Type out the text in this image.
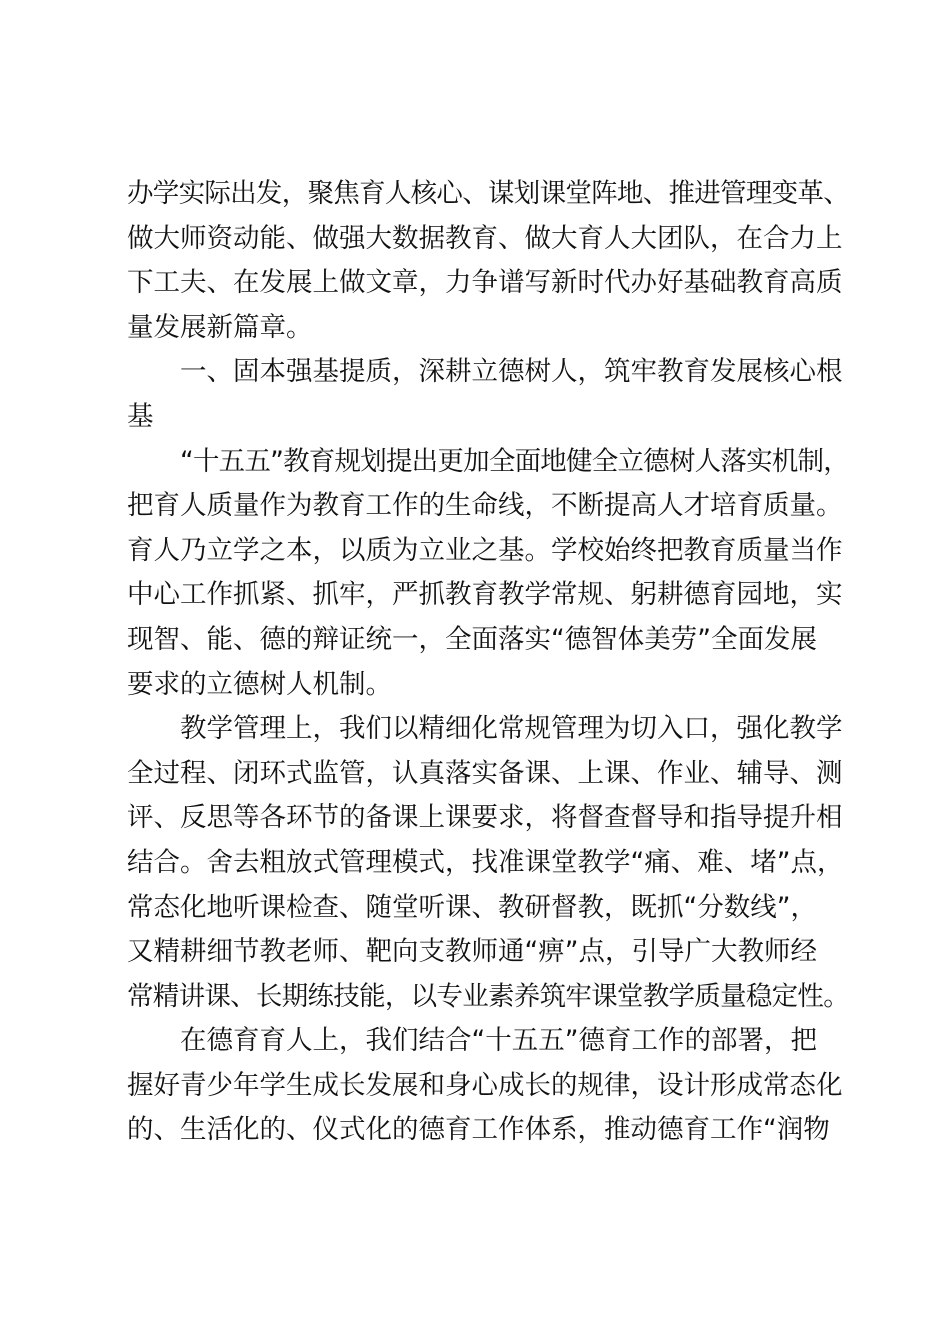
办学实际出发，聚焦育人核心、谋划课堂阵地、推进管理变革、
做大师资动能、做强大数据教育、做大育人大团队，在合力上
下工夫、在发展上做文章，力争谱写新时代办好基础教育高质
量发展新篇章。
一、固本强基提质，深耕立德树人，筑牢教育发展核心根
基
“十五五”教育规划提出更加全面地健全立德树人落实机制，
把育人质量作为教育工作的生命线，不断提高人才培育质量。
育人乃立学之本，以质为立业之基。学校始终把教育质量当作
中心工作抓紧、抓牢，严抓教育教学常规、躬耕德育园地，实
现智、能、德的辩证统一，全面落实“德智体美劳”全面发展
要求的立德树人机制。
教学管理上，我们以精细化常规管理为切入口，强化教学
全过程、闭环式监管，认真落实备课、上课、作业、辅导、测
评、反思等各环节的备课上课要求，将督查督导和指导提升相
结合。舍去粗放式管理模式，找准课堂教学“痛、难、堵”点，
常态化地听课检查、随堂听课、教研督教，既抓“分数线”，
又精耕细节教老师、靶向支教师通“痹”点，引导广大教师经
常精讲课、长期练技能，以专业素养筑牢课堂教学质量稳定性。
在德育育人上，我们结合“十五五”德育工作的部署，把
握好青少年学生成长发展和身心成长的规律，设计形成常态化
的、生活化的、仪式化的德育工作体系，推动德育工作“润物
